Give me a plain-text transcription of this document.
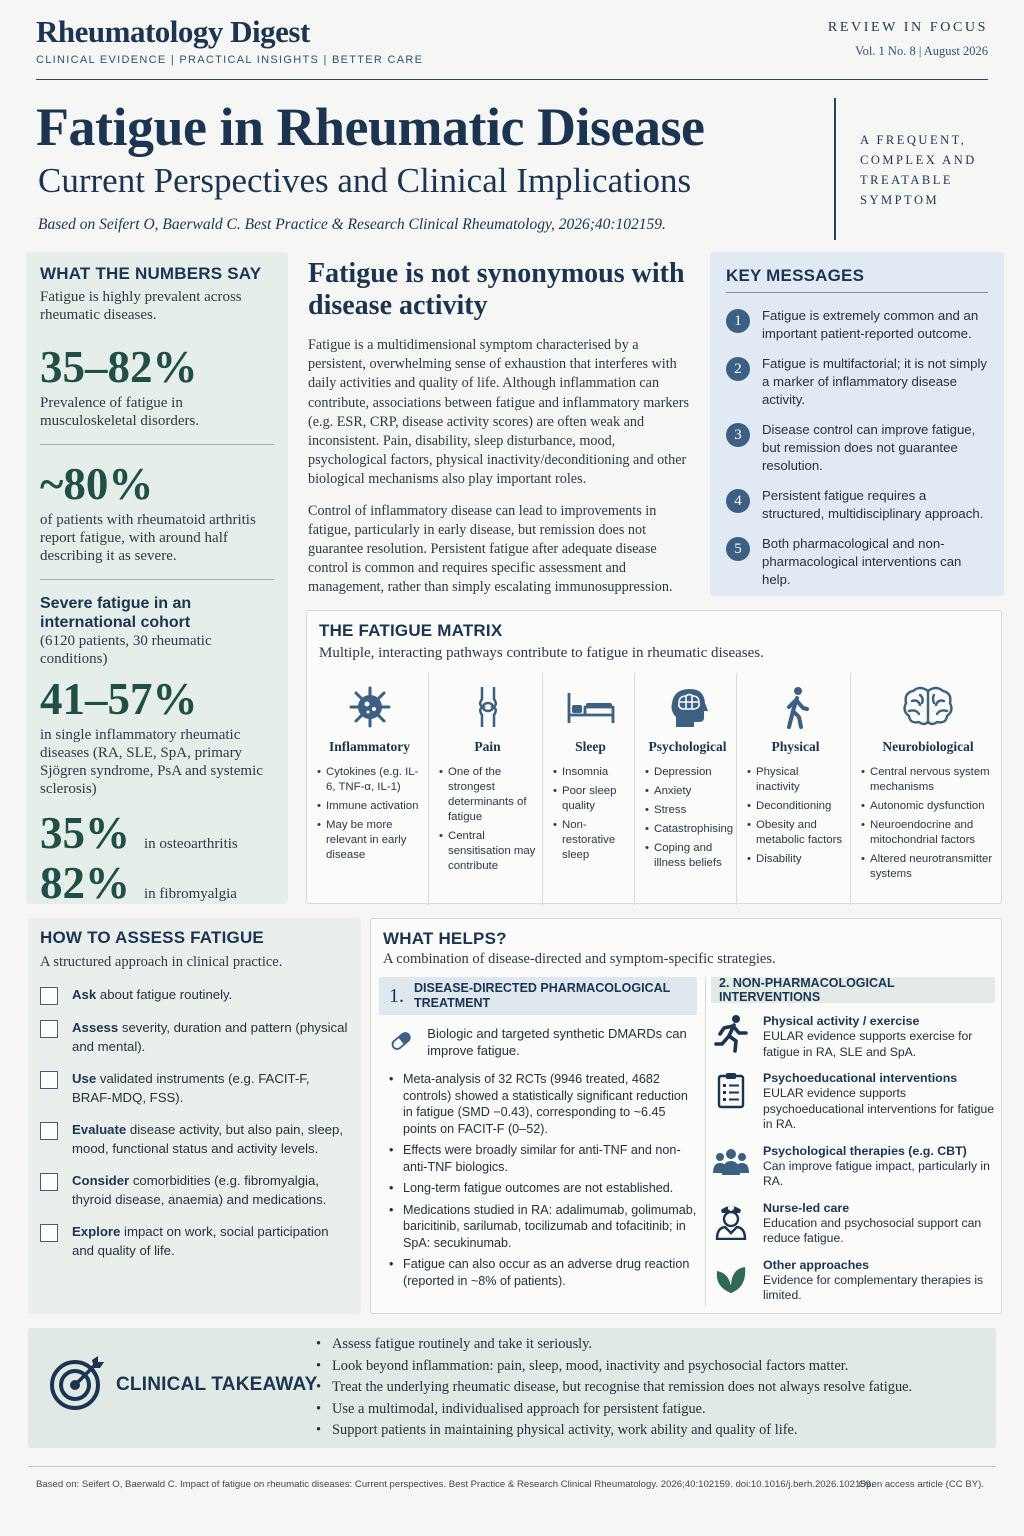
Rheumatology Digest
CLINICAL EVIDENCE | PRACTICAL INSIGHTS | BETTER CARE
REVIEW IN FOCUS
Vol. 1 No. 8 | August 2026
Fatigue in Rheumatic Disease
Current Perspectives and Clinical Implications
Based on Seifert O, Baerwald C. Best Practice & Research Clinical Rheumatology, 2026;40:102159.
A FREQUENT, COMPLEX AND TREATABLE SYMPTOM
WHAT THE NUMBERS SAY
Fatigue is highly prevalent across rheumatic diseases.
35–82%
Prevalence of fatigue in musculoskeletal disorders.
~80%
of patients with rheumatoid arthritis report fatigue, with around half describing it as severe.
Severe fatigue in an international cohort
(6120 patients, 30 rheumatic conditions)
41–57%
in single inflammatory rheumatic diseases (RA, SLE, SpA, primary Sjögren syndrome, PsA and systemic sclerosis)
35% in osteoarthritis
82% in fibromyalgia
Fatigue is not synonymous with disease activity

Fatigue is a multidimensional symptom characterised by a persistent, overwhelming sense of exhaustion that interferes with daily activities and quality of life. Although inflammation can contribute, associations between fatigue and inflammatory markers (e.g. ESR, CRP, disease activity scores) are often weak and inconsistent. Pain, disability, sleep disturbance, mood, psychological factors, physical inactivity/deconditioning and other biological mechanisms also play important roles.

Control of inflammatory disease can lead to improvements in fatigue, particularly in early disease, but remission does not guarantee resolution. Persistent fatigue after adequate disease control is common and requires specific assessment and management, rather than simply escalating immunosuppression.

KEY MESSAGES
1	Fatigue is extremely common and an important patient-reported outcome.
2	Fatigue is multifactorial; it is not simply a marker of inflammatory disease activity.
3	Disease control can improve fatigue, but remission does not guarantee resolution.
4	Persistent fatigue requires a structured, multidisciplinary approach.
5	Both pharmacological and non-pharmacological interventions can help.
THE FATIGUE MATRIX
Multiple, interacting pathways contribute to fatigue in rheumatic diseases.
Inflammatory
• Cytokines (e.g. IL-6, TNF-α, IL-1)
• Immune activation
• May be more relevant in early disease
Pain
• One of the strongest determinants of fatigue
• Central sensitisation may contribute
Sleep
• Insomnia
• Poor sleep quality
• Non-restorative sleep
Psychological
• Depression
• Anxiety
• Stress
• Catastrophising
• Coping and illness beliefs
Physical
• Physical inactivity
• Deconditioning
• Obesity and metabolic factors
• Disability
Neurobiological
• Central nervous system mechanisms
• Autonomic dysfunction
• Neuroendocrine and mitochondrial factors
• Altered neurotransmitter systems
HOW TO ASSESS FATIGUE
A structured approach in clinical practice.
Ask about fatigue routinely.
Assess severity, duration and pattern (physical and mental).
Use validated instruments (e.g. FACIT-F, BRAF-MDQ, FSS).
Evaluate disease activity, but also pain, sleep, mood, functional status and activity levels.
Consider comorbidities (e.g. fibromyalgia, thyroid disease, anaemia) and medications.
Explore impact on work, social participation and quality of life.
WHAT HELPS?
A combination of disease-directed and symptom-specific strategies.
1. DISEASE-DIRECTED PHARMACOLOGICAL TREATMENT
Biologic and targeted synthetic DMARDs can improve fatigue.
• Meta-analysis of 32 RCTs (9946 treated, 4682 controls) showed a statistically significant reduction in fatigue (SMD −0.43), corresponding to ~6.45 points on FACIT-F (0–52).
• Effects were broadly similar for anti-TNF and non-anti-TNF biologics.
• Long-term fatigue outcomes are not established.
• Medications studied in RA: adalimumab, golimumab, baricitinib, sarilumab, tocilizumab and tofacitinib; in SpA: secukinumab.
• Fatigue can also occur as an adverse drug reaction (reported in ~8% of patients).
2. NON-PHARMACOLOGICAL INTERVENTIONS
Physical activity / exercise
EULAR evidence supports exercise for fatigue in RA, SLE and SpA.
Psychoeducational interventions
EULAR evidence supports psychoeducational interventions for fatigue in RA.
Psychological therapies (e.g. CBT)
Can improve fatigue impact, particularly in RA.
Nurse-led care
Education and psychosocial support can reduce fatigue.
Other approaches
Evidence for complementary therapies is limited.
CLINICAL TAKEAWAY
• Assess fatigue routinely and take it seriously.
• Look beyond inflammation: pain, sleep, mood, inactivity and psychosocial factors matter.
• Treat the underlying rheumatic disease, but recognise that remission does not always resolve fatigue.
• Use a multimodal, individualised approach for persistent fatigue.
• Support patients in maintaining physical activity, work ability and quality of life.
Based on: Seifert O, Baerwald C. Impact of fatigue on rheumatic diseases: Current perspectives. Best Practice & Research Clinical Rheumatology. 2026;40:102159. doi:10.1016/j.berh.2026.102159.
Open access article (CC BY).
